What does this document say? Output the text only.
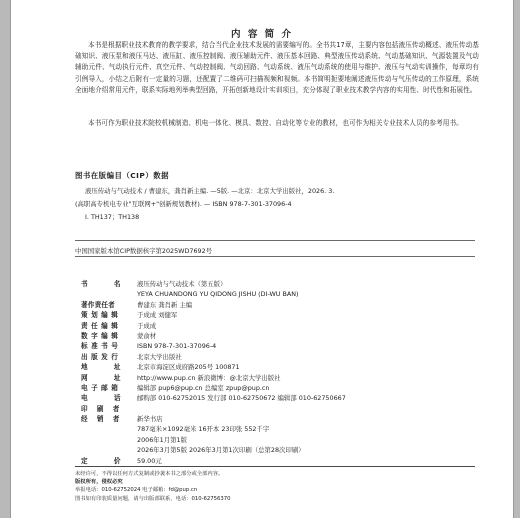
内 容 简 介
本书是根据职业技术教育的教学要求，结合当代企业技术发展的需要编写的。全书共17章，主要内容包括液压传动概述、液压传动基础知识、液压泵和液压马达、液压缸、液压控制阀、液压辅助元件、液压基本回路、典型液压传动系统、气动基础知识、气源装置及气动辅助元件、气动执行元件、真空元件、气动控制阀、气动回路、气动系统、液压气动系统的使用与维护、液压与气动实训操作，每章均有引例导入，小结之后附有一定量的习题，还配置了二维码可扫描视频和视频。本书简明扼要地阐述液压传动与气压传动的工作原理，系统全面地介绍常用元件，联系实际地列举典型回路，开拓创新地设计实训项目，充分体现了职业技术教学内容的实用性、时代性和拓展性。
本书可作为职业技术院校机械制造、机电一体化、模具、数控、自动化等专业的教材，也可作为相关专业技术人员的参考用书。
图书在版编目（CIP）数据
液压传动与气动技术 / 曹建东，龚肖新主编. —5版. —北京：北京大学出版社，2026. 3.
(高职高专机电专业"互联网+"创新规划教材). — ISBN 978-7-301-37096-4
I. TH137；TH138
中国国家版本馆CIP数据核字第2025WD7692号
书 名 液压传动与气动技术（第五版）
YEYA CHUANDONG YU QIDONG JISHU (DI-WU BAN)
著作责任者	曹建东 龚肖新 主编
策划编辑	于成成 刘健军
责任编辑	于成成
数字编辑	蒙俞材
标准书号	ISBN 978-7-301-37096-4
出版发行	北京大学出版社
地 址 北京市海淀区成府路205号 100871
网 址 http://www.pup.cn 新浪微博：@北京大学出版社
电子邮箱	编辑部 pup6@pup.cn 总编室 zpup@pup.cn
电 话 邮购部 010-62752015 发行部 010-62750672 编辑部 010-62750667
印 刷 者
经 销 者	新华书店
787毫米×1092毫米 16开本 23印张 552千字
2006年1月第1版
2026年3月第5版 2026年3月第1次印刷（总第28次印刷）
定 价 59.00元
未经许可，不得以任何方式复制或抄袭本书之部分或全部内容。
版权所有，侵权必究
举报电话：010-62752024 电子邮箱：fd@pup.cn
图书如有印装质量问题，请与出版部联系，电话：010-62756370
